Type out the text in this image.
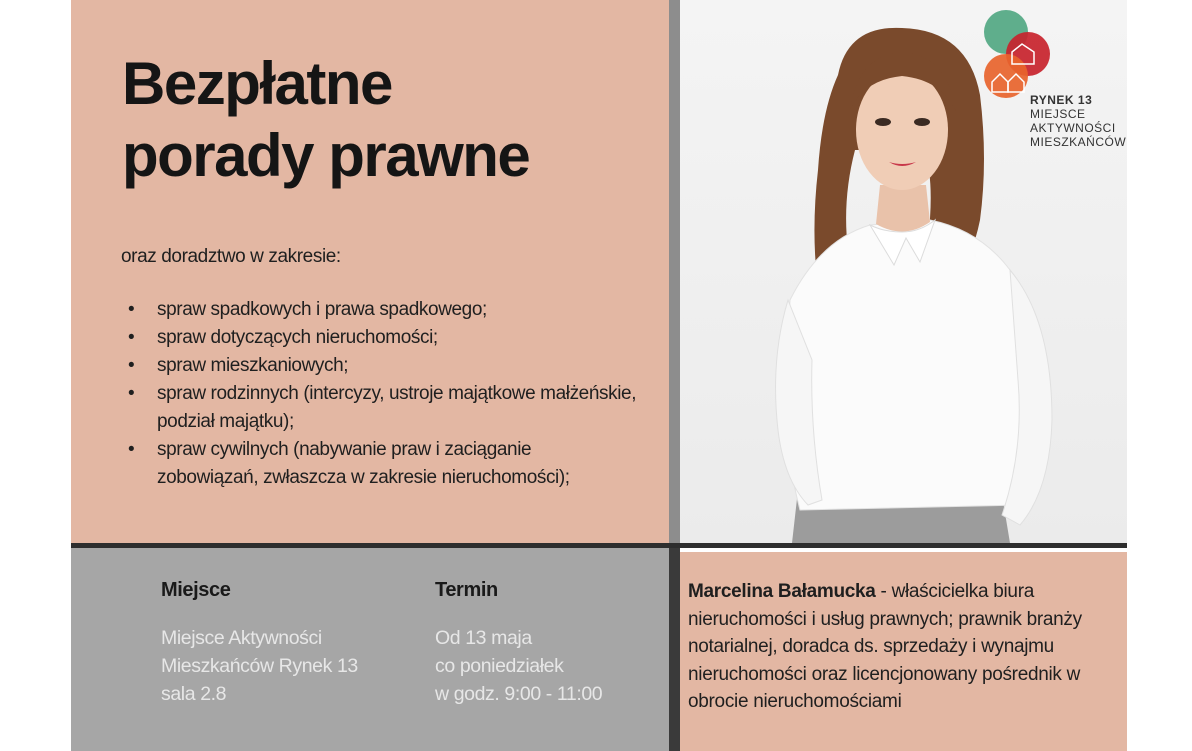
Bezpłatne
porady prawne

oraz doradztwo w zakresie:

• spraw spadkowych i prawa spadkowego;
• spraw dotyczących nieruchomości;
• spraw mieszkaniowych;
• spraw rodzinnych (intercyzy, ustroje majątkowe małżeńskie, podział majątku);
• spraw cywilnych (nabywanie praw i zaciąganie zobowiązań, zwłaszcza w zakresie nieruchomości);
Miejsce
Miejsce Aktywności
Mieszkańców Rynek 13
sala 2.8
Termin
Od 13 maja
co poniedziałek
w godz. 9:00 - 11:00

Marcelina Bałamucka - właścicielka biura nieruchomości i usług prawnych; prawnik branży notarialnej, doradca ds. sprzedaży i wynajmu nieruchomości oraz licencjonowany pośrednik w obrocie nieruchomościami

RYNEK 13
MIEJSCE
AKTYWNOŚCI
MIESZKAŃCÓW
